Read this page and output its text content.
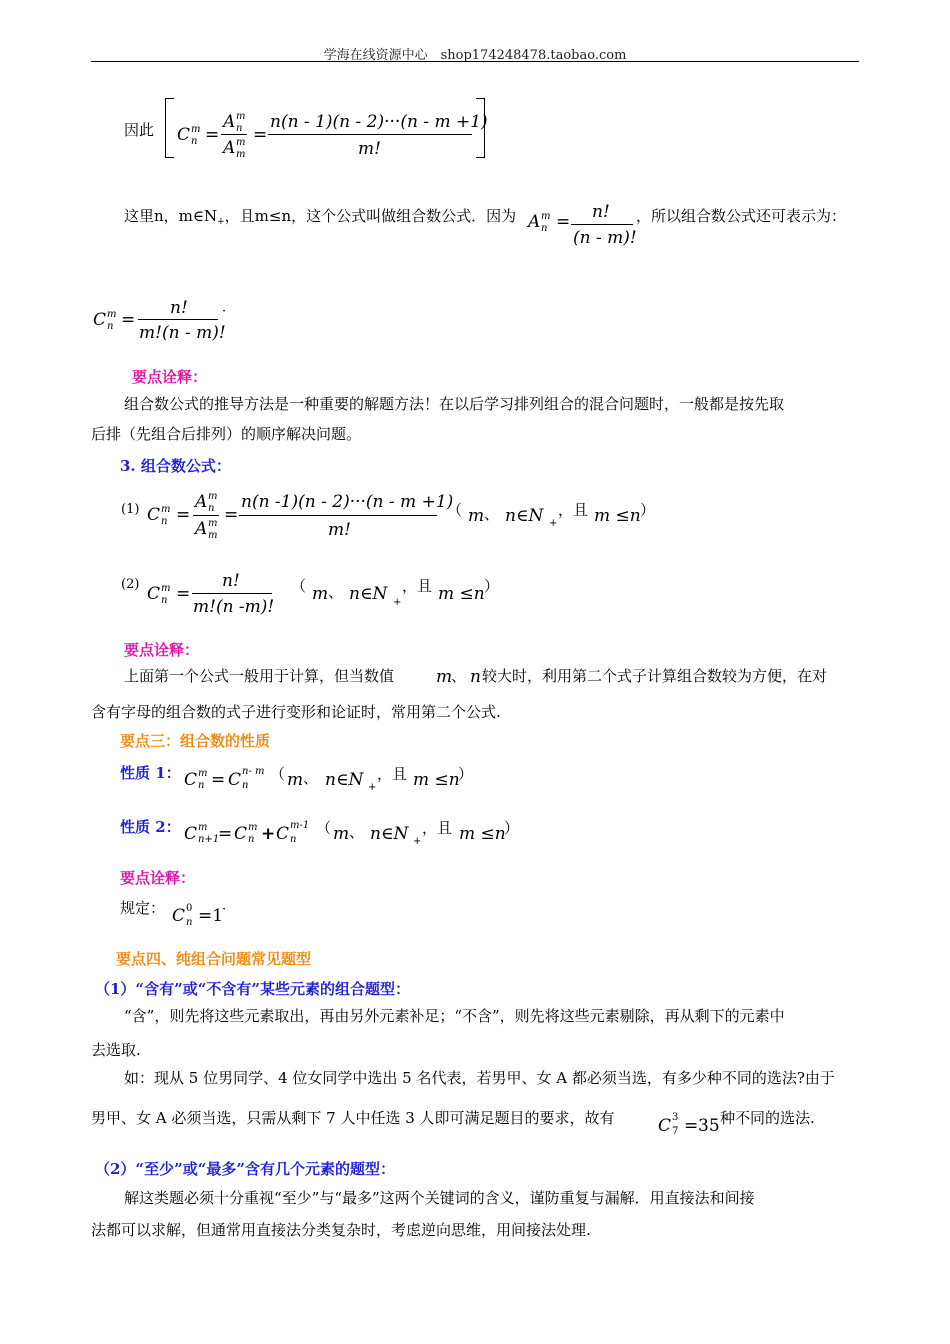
学海在线资源中心　shop174248478.taobao.com
因此 C m
n =
A m
n
A m
m
=
n(n - 1)(n - 2)···(n - m +1)
m!
这里n，$m\in N_+$，且m≤n，这个公式叫做组合数公式．因为 A m
n = n!
(n - m)!
，所以组合数公式还可表示为：
C m
n =
n!
m!(n - m)!
·
要点诠释：
组合数公式的推导方法是一种重要的解题方法！在以后学习排列组合的混合问题时，一般都是按先取
后排（先组合后排列）的顺序解决问题。
3. 组合数公式：
(1) C m
n =
A m
n
A m
m
=
n(n -1)(n - 2)···(n - m +1)
m!
（ m 、 n∈N +
，且 m ≤n ）
(2) C m
n =
n!
m!(n -m)!
（ m 、 n∈N +
，且 m ≤n ）
要点诠释：
上面第一个公式一般用于计算，但当数值 m
、 n 较大时，利用第二个式子计算组合数较为方便，在对
含有字母的组合数的式子进行变形和论证时，常用第二个公式.
要点三：组合数的性质
性质 1： C m
n = C n- m
n
（ m 、 n∈N +
，且 m ≤n
）
性质 2： C m
n+1
= C m
n + C m-1
n
（ m 、 n∈N +
，且 m ≤n
）
要点诠释：
规定： C 0
n =1
·
要点四、纯组合问题常见题型
（1）“含有”或“不含有”某些元素的组合题型：
“含”，则先将这些元素取出，再由另外元素补足；“不含”，则先将这些元素剔除，再从剩下的元素中
去选取.
如：现从 5 位男同学、4 位女同学中选出 5 名代表，若男甲、女 A 都必须当选，有多少种不同的选法?由于
男甲、女 A 必须当选，只需从剩下 7 人中任选 3 人即可满足题目的要求，故有	C 3
7 = 35 种不同的选法.
（2）“至少”或“最多”含有几个元素的题型：
解这类题必须十分重视“至少”与“最多”这两个关键词的含义，谨防重复与漏解．用直接法和间接
法都可以求解，但通常用直接法分类复杂时，考虑逆向思维，用间接法处理.
